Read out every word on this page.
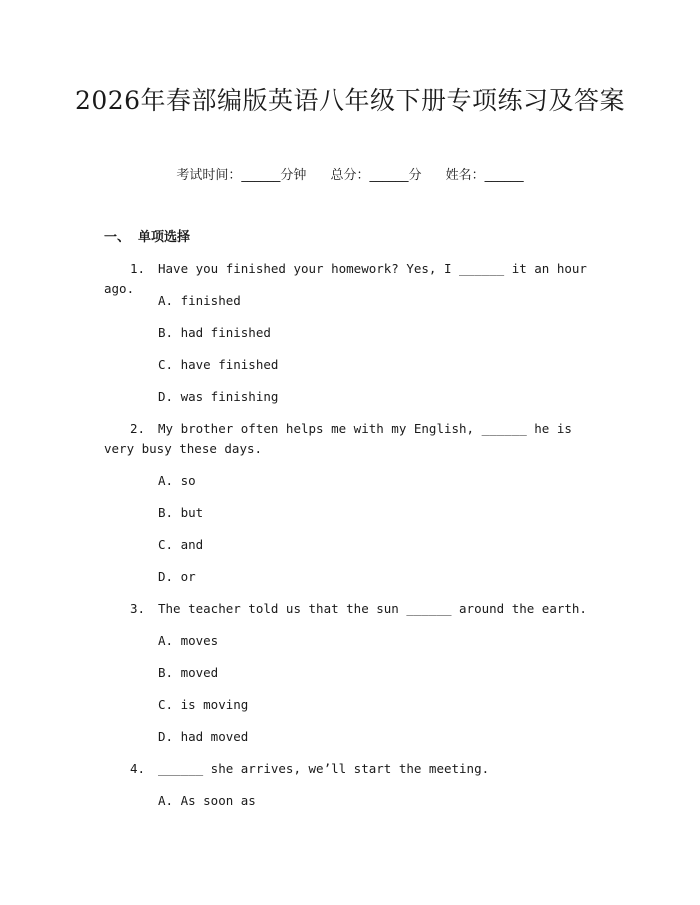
2026年春部编版英语八年级下册专项练习及答案
考试时间：______分钟 总分：______分 姓名：______
一、 单项选择

1. Have you finished your homework? Yes, I ______ it an hour ago.

A. finished

B. had finished

C. have finished

D. was finishing

2. My brother often helps me with my English, ______ he is very busy these days.

A. so

B. but

C. and

D. or

3. The teacher told us that the sun ______ around the earth.

A. moves

B. moved

C. is moving

D. had moved

4. ______ she arrives, we’ll start the meeting.

A. As soon as
